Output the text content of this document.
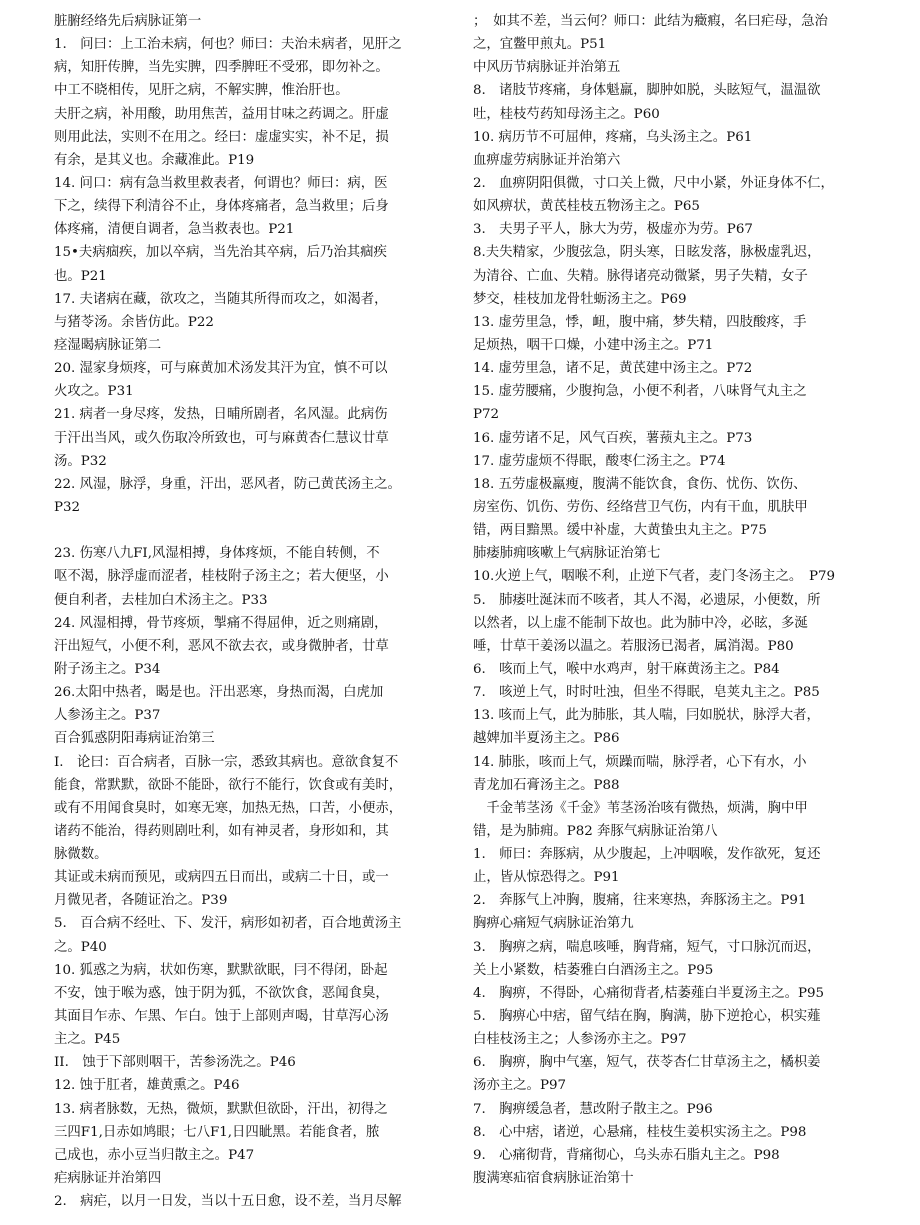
脏腑经络先后病脉证第一
1.　问曰：上工治未病，何也？师曰：夫治未病者，见肝之
病，知肝传脾，当先实脾，四季脾旺不受邪，即勿补之。
中工不晓相传，见肝之病，不解实脾，惟治肝也。
夫肝之病，补用酸，助用焦苦，益用甘味之药调之。肝虚
则用此法，实则不在用之。经曰：虚虚实实，补不足，损
有余，是其义也。余藏准此。P19
14. 问口：病有急当救里救表者，何谓也？师曰：病，医
下之，续得下利清谷不止，身体疼痛者，急当救里；后身
体疼痛，清便自调者，急当救表也。P21
15•夫病痼疾，加以卒病，当先治其卒病，后乃治其痼疾
也。P21
17. 夫诸病在藏，欲攻之，当随其所得而攻之，如渴者，
与猪苓汤。余皆仿此。P22
痉湿暍病脉证第二
20. 湿家身烦疼，可与麻黄加术汤发其汗为宜，慎不可以
火攻之。P31
21. 病者一身尽疼，发热，日晡所剧者，名风湿。此病伤
于汗出当风，或久伤取冷所致也，可与麻黄杏仁慧议廿草
汤。P32
22. 风湿，脉浮，身重，汗出，恶风者，防己黄芪汤主之。
P32
23. 伤寒八九FI,风湿相搏，身体疼烦，不能自转侧，不
呕不渴，脉浮虚而涩者，桂枝附子汤主之；若大便坚，小
便自利者，去桂加白术汤主之。P33
24. 风湿相搏，骨节疼烦，掣痛不得屈伸，近之则痛剧，
汗出短气，小便不利，恶风不欲去衣，或身微肿者，廿草
附子汤主之。P34
26.太阳中热者，暍是也。汗出恶寒，身热而渴，白虎加
人参汤主之。P37
百合狐惑阴阳毒病证治第三
I.　论曰：百合病者，百脉一宗，悉致其病也。意欲食复不
能食，常默默，欲卧不能卧，欲行不能行，饮食或有美时，
或有不用闻食臭时，如寒无寒，加热无热，口苦，小便赤，
诸药不能治，得药则剧吐利，如有神灵者，身形如和，其
脉微数。
其证或未病而预见，或病四五日而出，或病二十日，或一
月微见者，各随证治之。P39
5.　百合病不经吐、下、发汗，病形如初者，百合地黄汤主
之。P40
10. 狐惑之为病，状如伤寒，默默欲眠，冃不得闭，卧起
不安，蚀于喉为惑，蚀于阴为狐，不欲饮食，恶闻食臭，
其面目乍赤、乍黑、乍白。蚀于上部则声喝，甘草泻心汤
主之。P45
II.　蚀于下部则咽干，苦参汤洗之。P46
12. 蚀于肛者，雄黄熏之。P46
13. 病者脉数，无热，微烦，默默但欲卧，汗出，初得之
三四F1,日赤如鸠眼；七八F1,日四眦黑。若能食者，脓
己成也，赤小豆当归散主之。P47
疟病脉证并治第四
2.　病疟，以月一日发，当以十五日愈，设不差，当月尽解
；　如其不差，当云何？师口：此结为癥瘕，名曰疟母，急治
之，宜鳖甲煎丸。P51
中风历节病脉证并治第五
8.　诸肢节疼痛，身体魁羸，脚肿如脱，头眩短气，温温欲
吐，桂枝芍药知母汤主之。P60
10. 病历节不可屈伸，疼痛，乌头汤主之。P61
血痹虚劳病脉证并治第六
2.　血痹阴阳俱微，寸口关上微，尺中小紧，外证身体不仁，
如风痹状，黄芪桂枝五物汤主之。P65
3.　夫男子平人，脉大为劳，极虚亦为劳。P67
8.夫失精家，少腹弦急，阴头寒，日眩发落，脉极虚乳迟，
为清谷、亡血、失精。脉得诸亮动微紧，男子失精，女子
梦交，桂枝加龙骨牡蛎汤主之。P69
13. 虚劳里急，悸，衄，腹中痛，梦失精，四肢酸疼，手
足烦热，咽干口燥，小建中汤主之。P71
14. 虚劳里急，诸不足，黄芪建中汤主之。P72
15. 虚劳腰痛，少腹拘急，小便不利者，八味肾气丸主之
P72
16. 虚劳诸不足，风气百疾，薯蓣丸主之。P73
17. 虚劳虚烦不得眠，酸枣仁汤主之。P74
18. 五劳虚极羸瘦，腹满不能饮食，食伤、忧伤、饮伤、
房室伤、饥伤、劳伤、经络营卫气伤，内有干血，肌肤甲
错，两目黯黑。缓中补虚，大黄蛰虫丸主之。P75
肺痿肺痈咳嗽上气病脉证治第七
10.火逆上气，咽喉不利，止逆下气者，麦门冬汤主之。　P79
5.　肺痿吐涎沫而不咳者，其人不渴，必遗尿，小便数，所
以然者，以上虚不能制下故也。此为肺中冷，必眩，多涎
唾，廿草干姜汤以温之。若服汤已渴者，属消渴。P80
6.　咳而上气，喉中水鸡声，射干麻黄汤主之。P84
7.　咳逆上气，时时吐浊，但坐不得眠，皂荚丸主之。P85
13. 咳而上气，此为肺胀，其人喘，冃如脱状，脉浮大者，
越婢加半夏汤主之。P86
14. 肺胀，咳而上气，烦躁而喘，脉浮者，心下有水，小
青龙加石膏汤主之。P88
　千金苇茎汤《千金》苇茎汤治咳有微热，烦满，胸中甲
错，是为肺痈。P82 奔豚气病脉证治第八
1.　师曰：奔豚病，从少腹起，上冲咽喉，发作欲死，复还
止，皆从惊恐得之。P91
2.　奔豚气上冲胸，腹痛，往来寒热，奔豚汤主之。P91
胸痹心痛短气病脉证治第九
3.　胸痹之病，喘息咳唾，胸背痛，短气，寸口脉沉而迟，
关上小紧数，桔萎雅白白酒汤主之。P95
4.　胸痹，不得卧，心痛彻背者,桔萎薤白半夏汤主之。P95
5.　胸痹心中痞，留气结在胸，胸满，胁下逆抢心，枳实薤
白桂枝汤主之；人参汤亦主之。P97
6.　胸痹，胸中气塞，短气，茯苓杏仁甘草汤主之，橘枳姜
汤亦主之。P97
7.　胸痹缓急者，慧改附子散主之。P96
8.　心中痞，诸逆，心悬痛，桂枝生姜枳实汤主之。P98
9.　心痛彻背，背痛彻心，乌头赤石脂丸主之。P98
腹满寒疝宿食病脉证治第十
